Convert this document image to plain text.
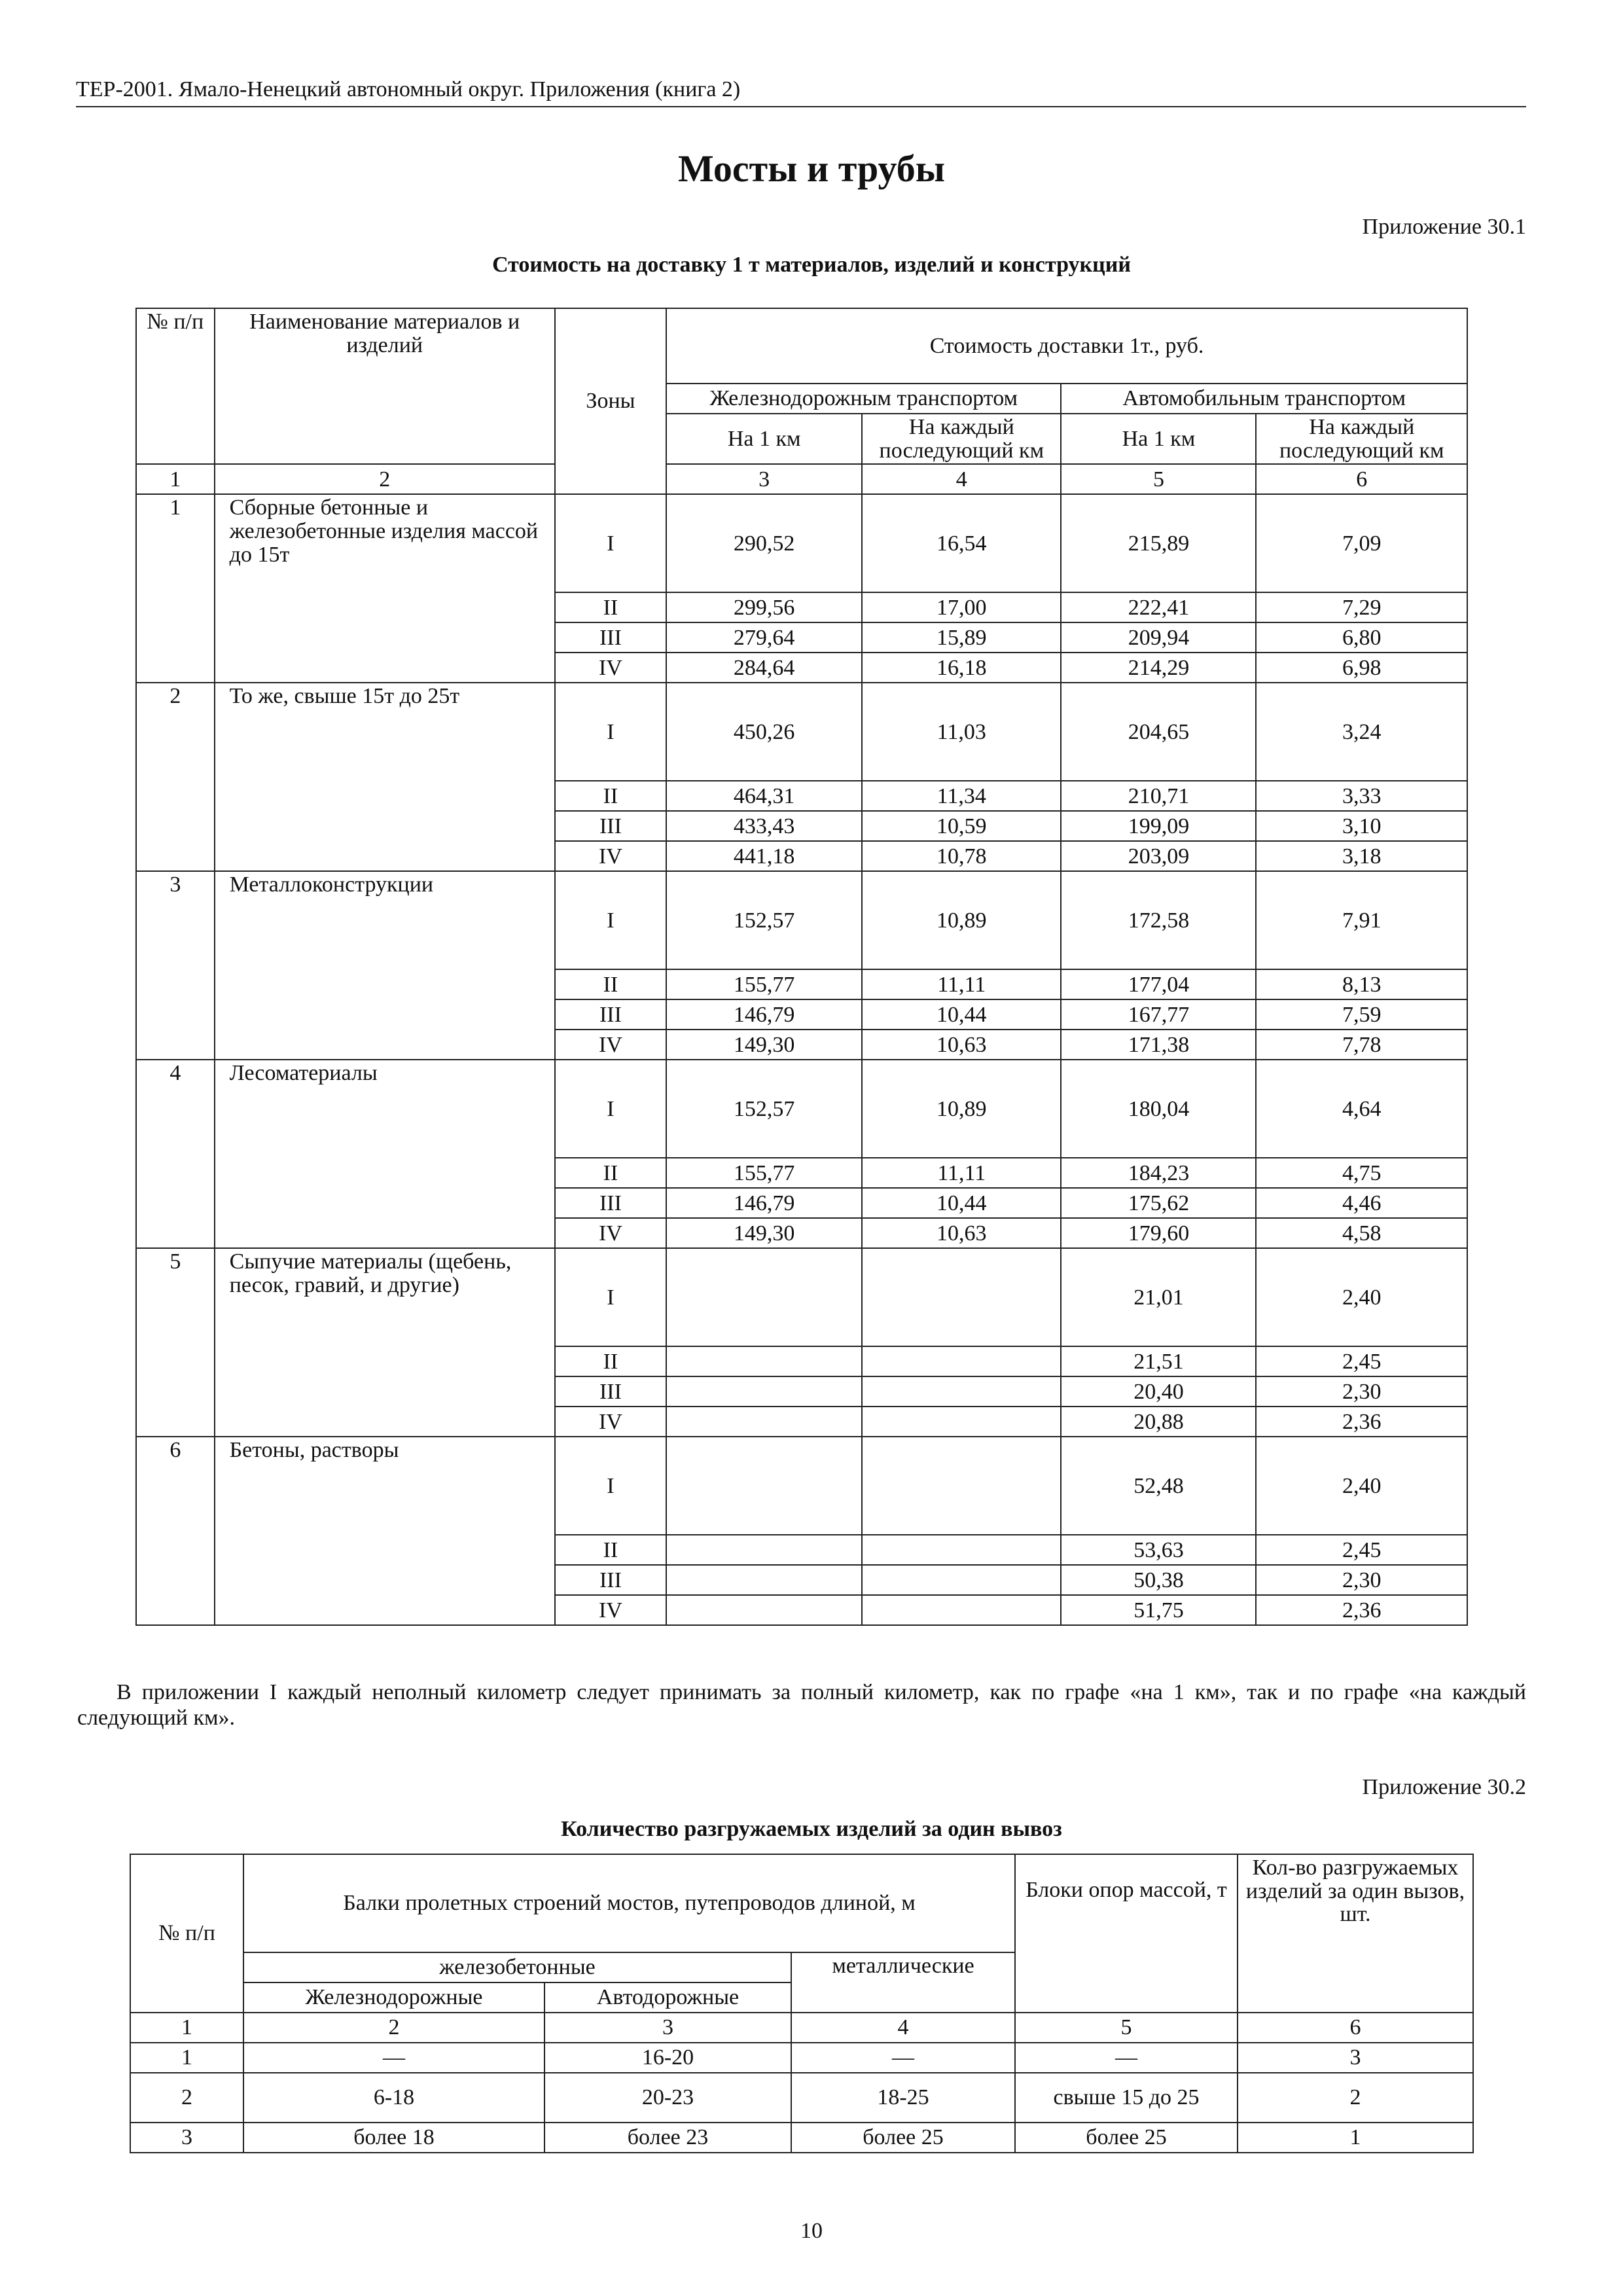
ТЕР-2001. Ямало-Ненецкий автономный округ. Приложения (книга 2)
Мосты и трубы
Приложение 30.1
Стоимость на доставку 1 т материалов, изделий и конструкций
№ п/п	Наименование материалов и изделий	Зоны	Стоимость доставки 1т., руб.			
			Железнодорожным транспортом		Автомобильным транспортом	
			На 1 км	На каждый последующий км	На 1 км	На каждый последующий км
1	2		3	4	5	6
1	Сборные бетонные и железобетонные изделия массой до 15т	I	290,52	16,54	215,89	7,09
		II	299,56	17,00	222,41	7,29
		III	279,64	15,89	209,94	6,80
		IV	284,64	16,18	214,29	6,98
2	То же, свыше 15т до 25т	I	450,26	11,03	204,65	3,24
		II	464,31	11,34	210,71	3,33
		III	433,43	10,59	199,09	3,10
		IV	441,18	10,78	203,09	3,18
3	Металлоконструкции	I	152,57	10,89	172,58	7,91
		II	155,77	11,11	177,04	8,13
		III	146,79	10,44	167,77	7,59
		IV	149,30	10,63	171,38	7,78
4	Лесоматериалы	I	152,57	10,89	180,04	4,64
		II	155,77	11,11	184,23	4,75
		III	146,79	10,44	175,62	4,46
		IV	149,30	10,63	179,60	4,58
5	Сыпучие материалы (щебень, песок, гравий, и другие)	I			21,01	2,40
		II			21,51	2,45
		III			20,40	2,30
		IV			20,88	2,36
6	Бетоны, растворы	I			52,48	2,40
		II			53,63	2,45
		III			50,38	2,30
		IV			51,75	2,36
В приложении I каждый неполный километр следует принимать за полный километр, как по графе «на 1 км», так и по графе «на каждый следующий км».
Приложение 30.2
Количество разгружаемых изделий за один вывоз
№ п/п	Балки пролетных строений мостов, путепроводов длиной, м			Блоки опор массой, т	Кол-во разгружаемых изделий за один вызов, шт.
	железобетонные		металлические		
	Железнодорожные	Автодорожные			
1	2	3	4	5	6
1	—	16-20	—	—	3
2	6-18	20-23	18-25	свыше 15 до 25	2
3	более 18	более 23	более 25	более 25	1
10
